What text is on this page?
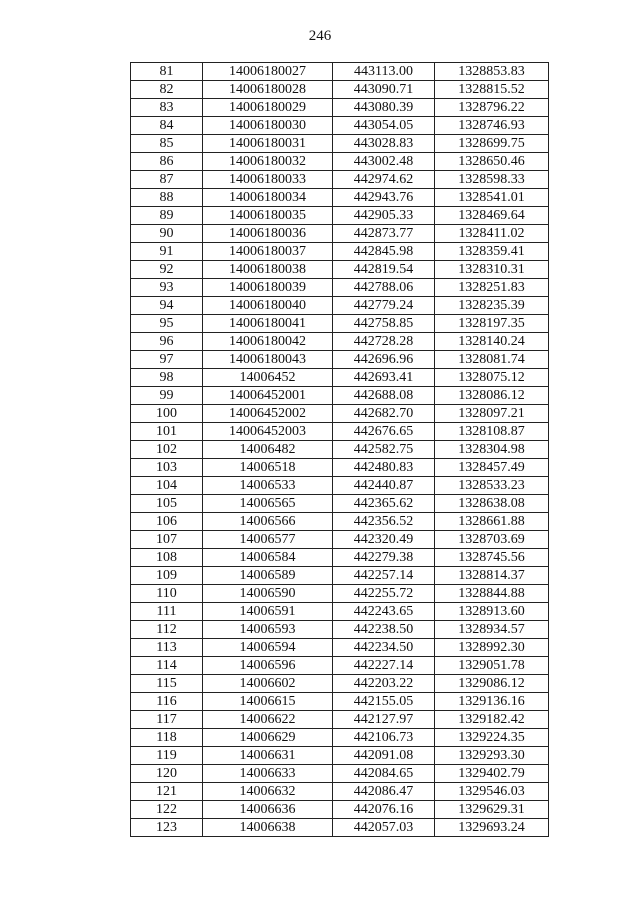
246
81	14006180027	443113.00	1328853.83
82	14006180028	443090.71	1328815.52
83	14006180029	443080.39	1328796.22
84	14006180030	443054.05	1328746.93
85	14006180031	443028.83	1328699.75
86	14006180032	443002.48	1328650.46
87	14006180033	442974.62	1328598.33
88	14006180034	442943.76	1328541.01
89	14006180035	442905.33	1328469.64
90	14006180036	442873.77	1328411.02
91	14006180037	442845.98	1328359.41
92	14006180038	442819.54	1328310.31
93	14006180039	442788.06	1328251.83
94	14006180040	442779.24	1328235.39
95	14006180041	442758.85	1328197.35
96	14006180042	442728.28	1328140.24
97	14006180043	442696.96	1328081.74
98	14006452	442693.41	1328075.12
99	14006452001	442688.08	1328086.12
100	14006452002	442682.70	1328097.21
101	14006452003	442676.65	1328108.87
102	14006482	442582.75	1328304.98
103	14006518	442480.83	1328457.49
104	14006533	442440.87	1328533.23
105	14006565	442365.62	1328638.08
106	14006566	442356.52	1328661.88
107	14006577	442320.49	1328703.69
108	14006584	442279.38	1328745.56
109	14006589	442257.14	1328814.37
110	14006590	442255.72	1328844.88
111	14006591	442243.65	1328913.60
112	14006593	442238.50	1328934.57
113	14006594	442234.50	1328992.30
114	14006596	442227.14	1329051.78
115	14006602	442203.22	1329086.12
116	14006615	442155.05	1329136.16
117	14006622	442127.97	1329182.42
118	14006629	442106.73	1329224.35
119	14006631	442091.08	1329293.30
120	14006633	442084.65	1329402.79
121	14006632	442086.47	1329546.03
122	14006636	442076.16	1329629.31
123	14006638	442057.03	1329693.24
